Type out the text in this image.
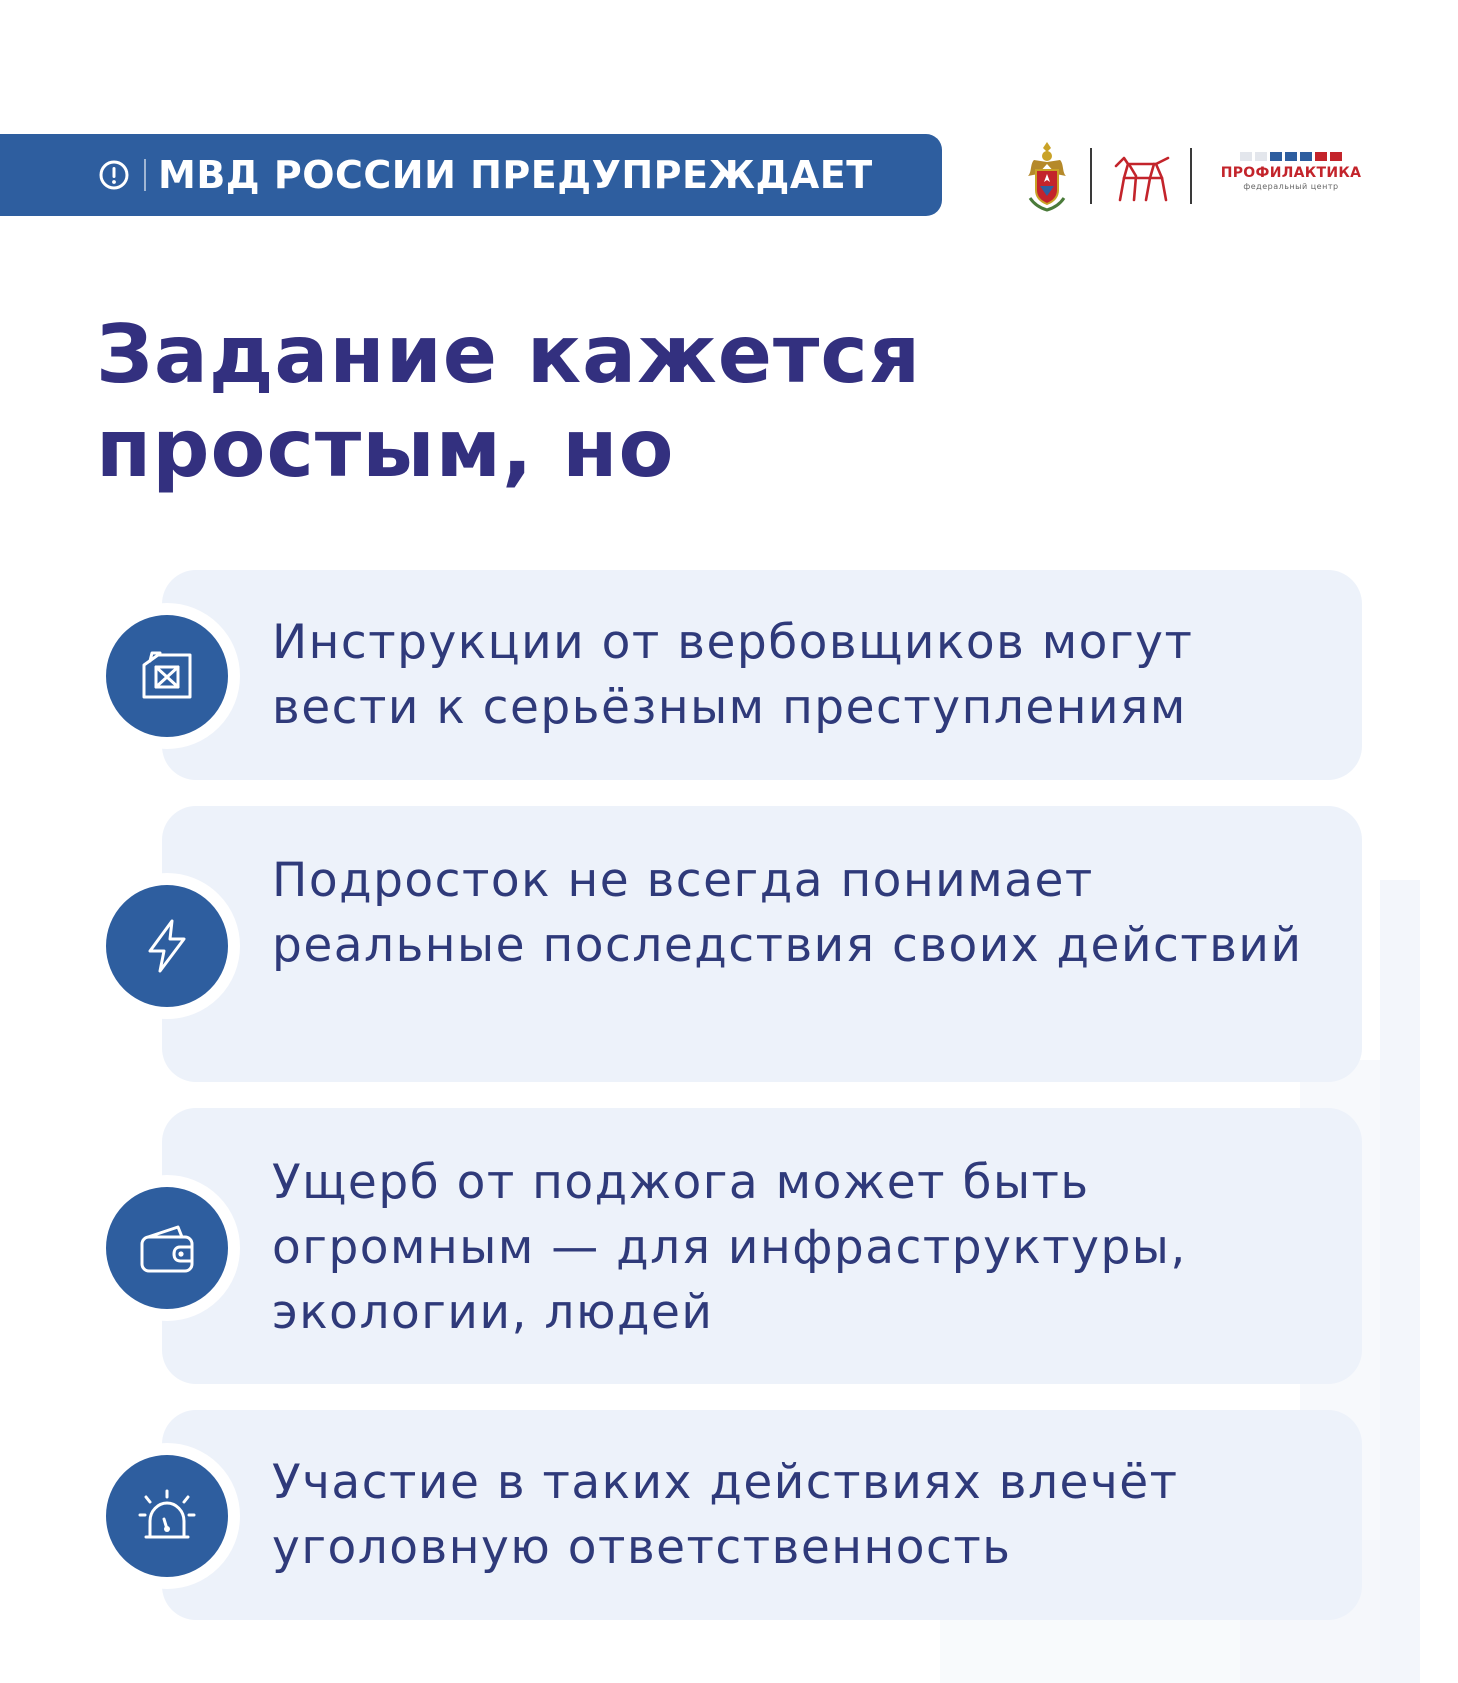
МВД РОССИИ ПРЕДУПРЕЖДАЕТ	ПРОФИЛАКТИКА
федеральный центр
Задание кажется простым, но

Инструкции от вербовщиков могут вести к серьёзным преступлениям

Подросток не всегда понимает реальные последствия своих действий

Ущерб от поджога может быть огромным — для инфраструктуры, экологии, людей

Участие в таких действиях влечёт уголовную ответственность
